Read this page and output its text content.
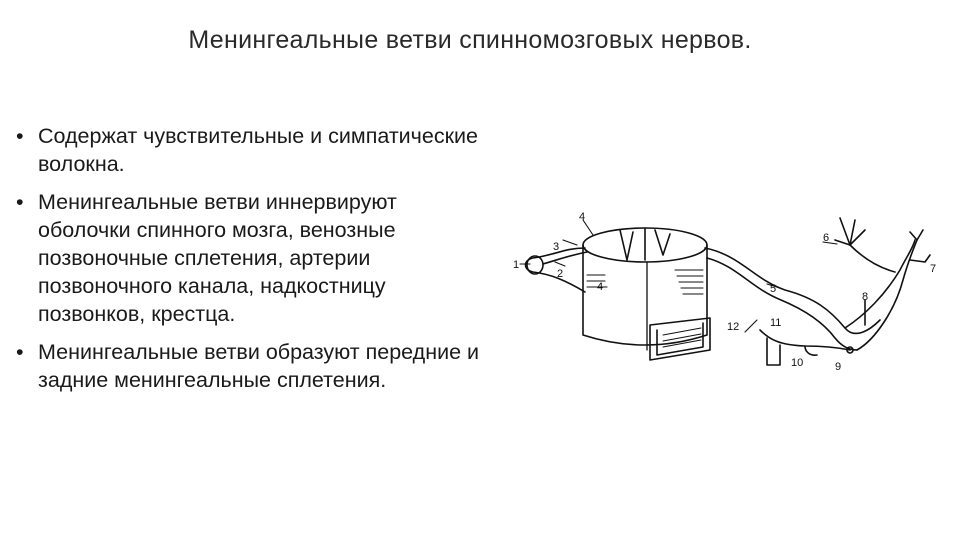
Менингеальные ветви спинномозговых нервов.
• Содержат чувствительные и симпатические волокна.
• Менингеальные ветви иннервируют оболочки спинного мозга, венозные позвоночные сплетения, артерии позвоночного канала, надкостницу позвонков, крестца.
• Менингеальные ветви образуют передние и задние менингеальные сплетения.
1
2
3
4
4	5
6
7
8
9
10
11
12
